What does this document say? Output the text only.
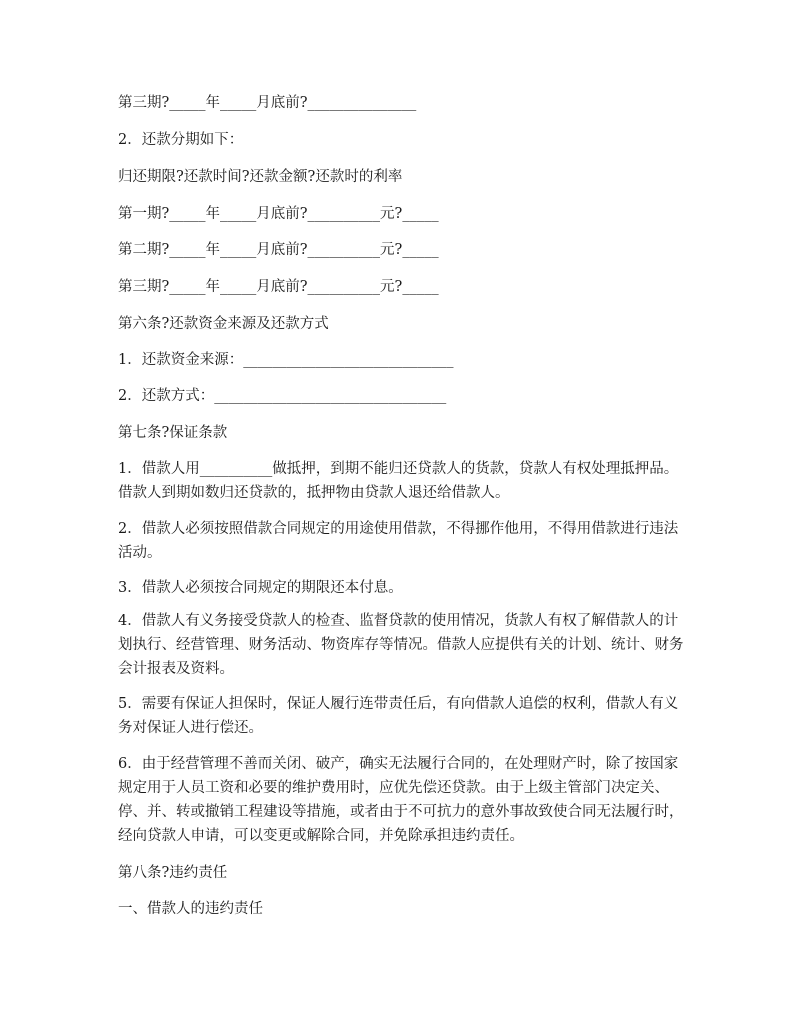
第三期?_____年_____月底前?_______________
2．还款分期如下：
归还期限?还款时间?还款金额?还款时的利率
第一期?_____年_____月底前?__________元?_____
第二期?_____年_____月底前?__________元?_____
第三期?_____年_____月底前?__________元?_____
第六条?还款资金来源及还款方式
1．还款资金来源：_____________________________
2．还款方式：________________________________
第七条?保证条款
1．借款人用__________做抵押，到期不能归还贷款人的货款，贷款人有权处理抵押品。借款人到期如数归还贷款的，抵押物由贷款人退还给借款人。
2．借款人必须按照借款合同规定的用途使用借款，不得挪作他用，不得用借款进行违法活动。
3．借款人必须按合同规定的期限还本付息。
4．借款人有义务接受贷款人的检查、监督贷款的使用情况，货款人有权了解借款人的计划执行、经营管理、财务活动、物资库存等情况。借款人应提供有关的计划、统计、财务会计报表及资料。
5．需要有保证人担保时，保证人履行连带责任后，有向借款人追偿的权利，借款人有义务对保证人进行偿还。
6．由于经营管理不善而关闭、破产，确实无法履行合同的，在处理财产时，除了按国家规定用于人员工资和必要的维护费用时，应优先偿还贷款。由于上级主管部门决定关、停、并、转或撤销工程建设等措施，或者由于不可抗力的意外事故致使合同无法履行时，经向贷款人申请，可以变更或解除合同，并免除承担违约责任。
第八条?违约责任
一、借款人的违约责任
